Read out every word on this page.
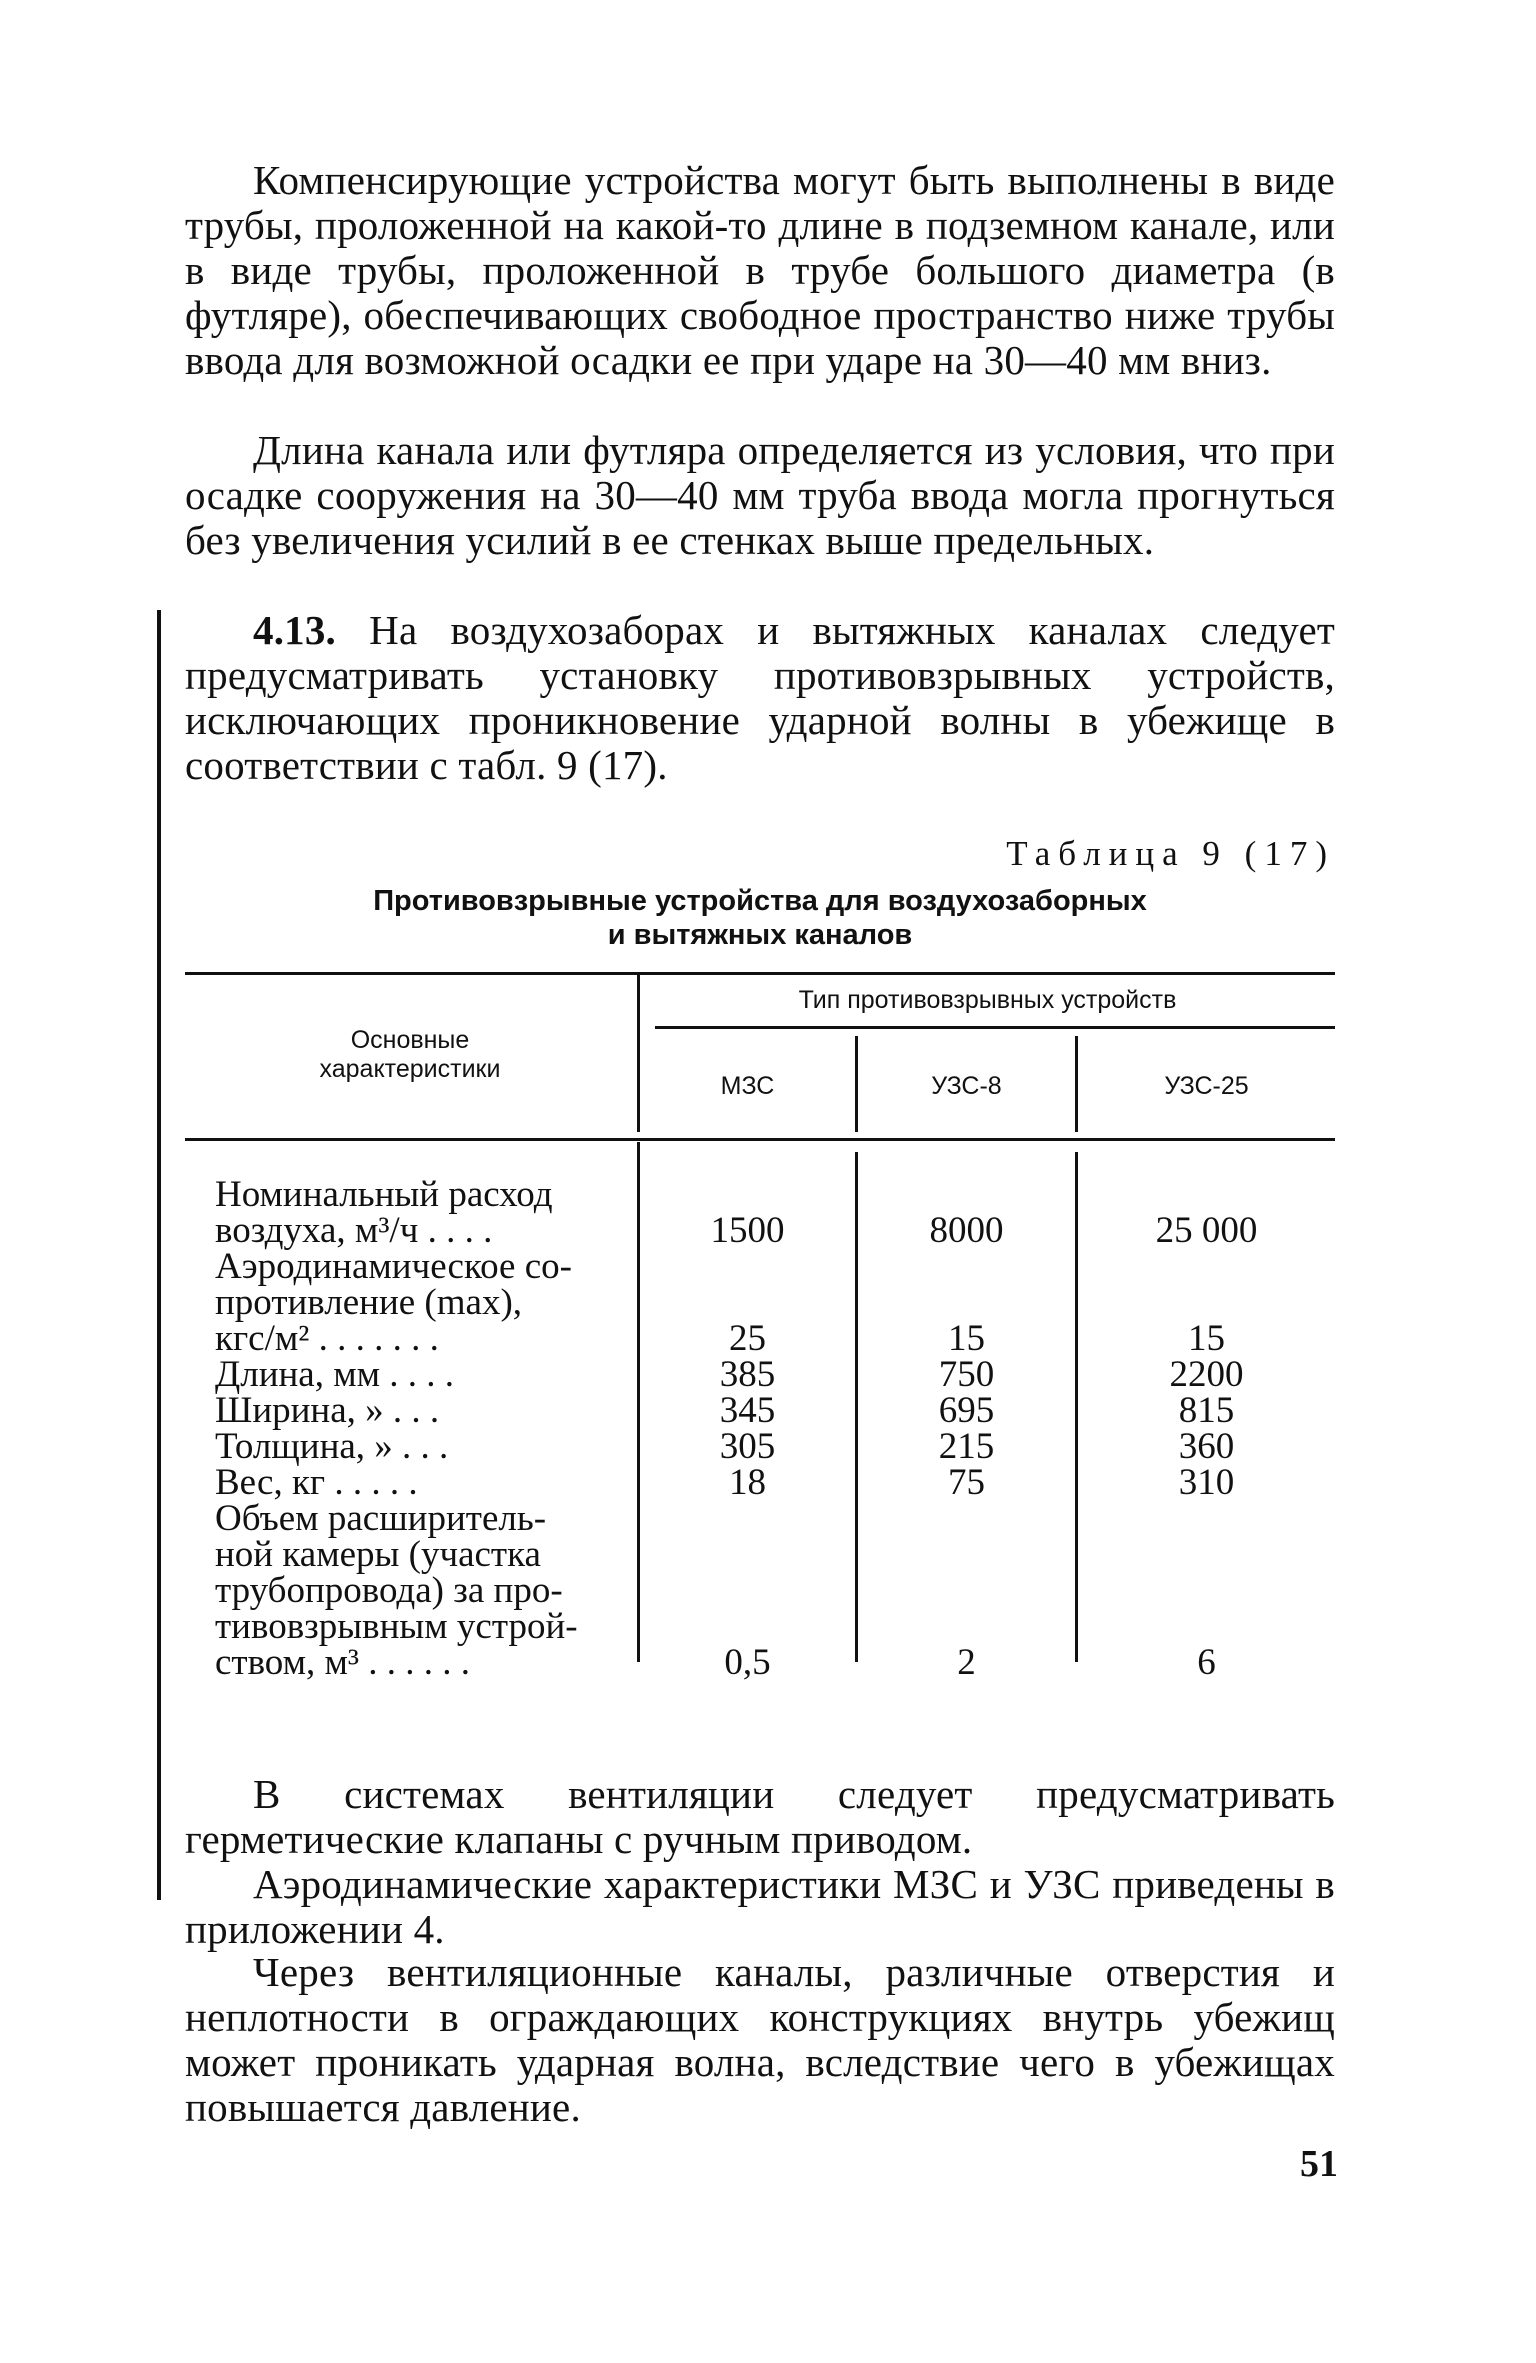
Компенсирующие устройства могут быть выполнены в виде трубы, проложенной на какой-то длине в подземном канале, или в виде трубы, проложенной в трубе большого диаметра (в футляре), обеспечивающих свободное пространство ниже трубы ввода для возможной осадки ее при ударе на 30—40 мм вниз.

Длина канала или футляра определяется из условия, что при осадке сооружения на 30—40 мм труба ввода могла прогнуться без увеличения усилий в ее стенках выше предельных.

4.13. На воздухозаборах и вытяжных каналах следует предусматривать установку противовзрывных устройств, исключающих проникновение ударной волны в убежище в соответствии с табл. 9 (17).

Таблица 9 (17)

Противовзрывные устройства для воздухозаборных
и вытяжных каналов
Основные
характеристики
Тип противовзрывных устройств
МЗС	УЗС-8	УЗС-25
Номинальный расход
воздуха, м³/ч . . . .	1500	8000	25 000
Аэродинамическое со-
противление (max),
кгс/м² . . . . . . .	25	15	15
Длина, мм . . . .	385	750	2200
Ширина, » . . .	345	695	815
Толщина, » . . .	305	215	360
Вес, кг . . . . .	18	75	310
Объем расширитель-
ной камеры (участка
трубопровода) за про-
тивовзрывным устрой-
ством, м³ . . . . . .	0,5	2	6

В системах вентиляции следует предусматривать герметические клапаны с ручным приводом.

Аэродинамические характеристики МЗС и УЗС приведены в приложении 4.

Через вентиляционные каналы, различные отверстия и неплотности в ограждающих конструкциях внутрь убежищ может проникать ударная волна, вследствие чего в убежищах повышается давление.

51
